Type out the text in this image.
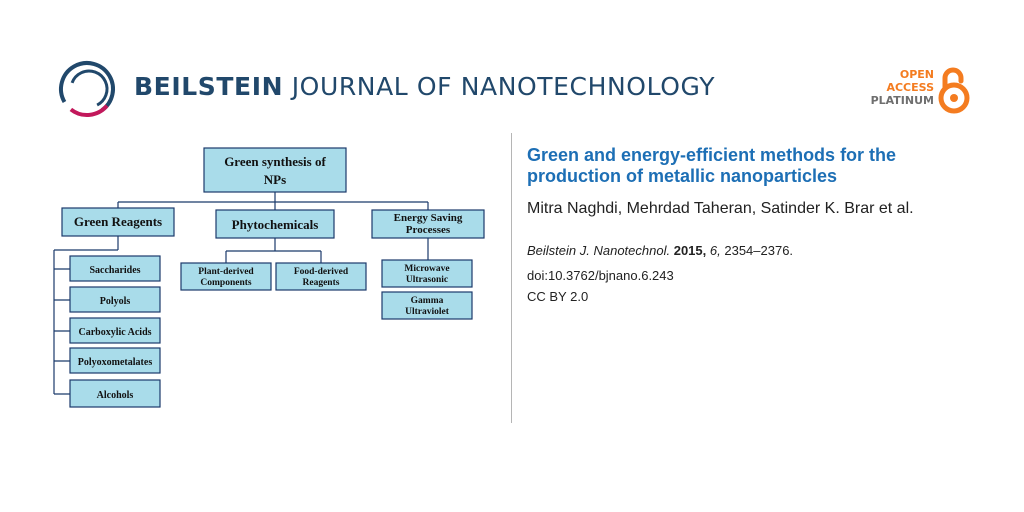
BEILSTEIN JOURNAL OF NANOTECHNOLOGY	OPEN
ACCESS
PLATINUM
Green synthesis of
NPs
Green Reagents	Phytochemicals	Energy Saving
Processes
Saccharides
Polyols
Carboxylic Acids
Polyoxometalates
Alcohols
Plant-derived
Components
Food-derived
Reagents
Microwave
Ultrasonic
Gamma
Ultraviolet
Green and energy-efficient methods for the production of metallic nanoparticles
Mitra Naghdi, Mehrdad Taheran, Satinder K. Brar et al.
Beilstein J. Nanotechnol. 2015, 6, 2354–2376.
doi:10.3762/bjnano.6.243
CC BY 2.0
